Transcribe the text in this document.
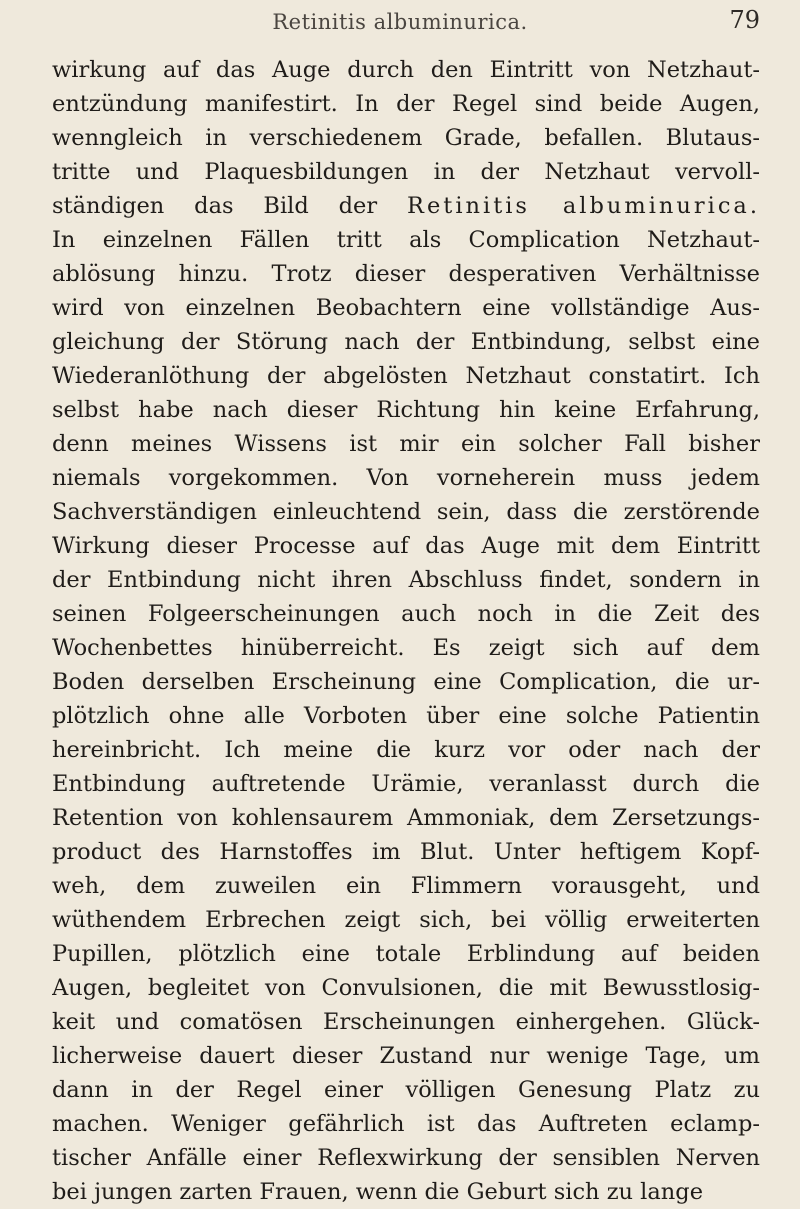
Retinitis albuminurica.	79
wirkung auf das Auge durch den Eintritt von Netzhaut-
entzündung manifestirt. In der Regel sind beide Augen,
wenngleich in verschiedenem Grade, befallen. Blutaus-
tritte und Plaquesbildungen in der Netzhaut vervoll-
ständigen das Bild der Retinitis albuminurica.
In einzelnen Fällen tritt als Complication Netzhaut-
ablösung hinzu. Trotz dieser desperativen Verhältnisse
wird von einzelnen Beobachtern eine vollständige Aus-
gleichung der Störung nach der Entbindung, selbst eine
Wiederanlöthung der abgelösten Netzhaut constatirt. Ich
selbst habe nach dieser Richtung hin keine Erfahrung,
denn meines Wissens ist mir ein solcher Fall bisher
niemals vorgekommen. Von vorneherein muss jedem
Sachverständigen einleuchtend sein, dass die zerstörende
Wirkung dieser Processe auf das Auge mit dem Eintritt
der Entbindung nicht ihren Abschluss findet, sondern in
seinen Folgeerscheinungen auch noch in die Zeit des
Wochenbettes hinüberreicht. Es zeigt sich auf dem
Boden derselben Erscheinung eine Complication, die ur-
plötzlich ohne alle Vorboten über eine solche Patientin
hereinbricht. Ich meine die kurz vor oder nach der
Entbindung auftretende Urämie, veranlasst durch die
Retention von kohlensaurem Ammoniak, dem Zersetzungs-
product des Harnstoffes im Blut. Unter heftigem Kopf-
weh, dem zuweilen ein Flimmern vorausgeht, und
wüthendem Erbrechen zeigt sich, bei völlig erweiterten
Pupillen, plötzlich eine totale Erblindung auf beiden
Augen, begleitet von Convulsionen, die mit Bewusstlosig-
keit und comatösen Erscheinungen einhergehen. Glück-
licherweise dauert dieser Zustand nur wenige Tage, um
dann in der Regel einer völligen Genesung Platz zu
machen. Weniger gefährlich ist das Auftreten eclamp-
tischer Anfälle einer Reflexwirkung der sensiblen Nerven
bei jungen zarten Frauen, wenn die Geburt sich zu lange
